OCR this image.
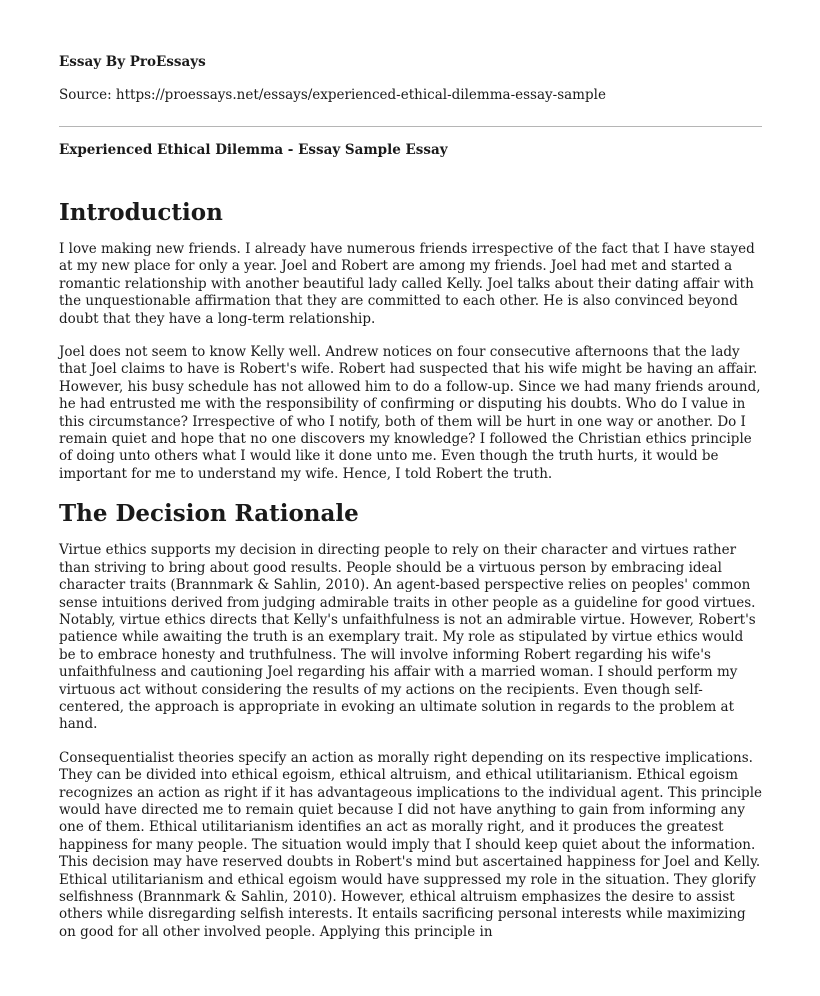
Essay By ProEssays

Source: https://proessays.net/essays/experienced-ethical-dilemma-essay-sample

Experienced Ethical Dilemma - Essay Sample Essay

Introduction

I love making new friends. I already have numerous friends irrespective of the fact that I have stayed at my new place for only a year. Joel and Robert are among my friends. Joel had met and started a romantic relationship with another beautiful lady called Kelly. Joel talks about their dating affair with the unquestionable affirmation that they are committed to each other. He is also convinced beyond doubt that they have a long-term relationship.

Joel does not seem to know Kelly well. Andrew notices on four consecutive afternoons that the lady that Joel claims to have is Robert's wife. Robert had suspected that his wife might be having an affair. However, his busy schedule has not allowed him to do a follow-up. Since we had many friends around, he had entrusted me with the responsibility of confirming or disputing his doubts. Who do I value in this circumstance? Irrespective of who I notify, both of them will be hurt in one way or another. Do I remain quiet and hope that no one discovers my knowledge? I followed the Christian ethics principle of doing unto others what I would like it done unto me. Even though the truth hurts, it would be important for me to understand my wife. Hence, I told Robert the truth.

The Decision Rationale

Virtue ethics supports my decision in directing people to rely on their character and virtues rather than striving to bring about good results. People should be a virtuous person by embracing ideal character traits (Brannmark & Sahlin, 2010). An agent-based perspective relies on peoples' common sense intuitions derived from judging admirable traits in other people as a guideline for good virtues. Notably, virtue ethics directs that Kelly's unfaithfulness is not an admirable virtue. However, Robert's patience while awaiting the truth is an exemplary trait. My role as stipulated by virtue ethics would be to embrace honesty and truthfulness. The will involve informing Robert regarding his wife's unfaithfulness and cautioning Joel regarding his affair with a married woman. I should perform my virtuous act without considering the results of my actions on the recipients. Even though self-centered, the approach is appropriate in evoking an ultimate solution in regards to the problem at hand.

Consequentialist theories specify an action as morally right depending on its respective implications. They can be divided into ethical egoism, ethical altruism, and ethical utilitarianism. Ethical egoism recognizes an action as right if it has advantageous implications to the individual agent. This principle would have directed me to remain quiet because I did not have anything to gain from informing any one of them. Ethical utilitarianism identifies an act as morally right, and it produces the greatest happiness for many people. The situation would imply that I should keep quiet about the information. This decision may have reserved doubts in Robert's mind but ascertained happiness for Joel and Kelly. Ethical utilitarianism and ethical egoism would have suppressed my role in the situation. They glorify selfishness (Brannmark & Sahlin, 2010). However, ethical altruism emphasizes the desire to assist others while disregarding selfish interests. It entails sacrificing personal interests while maximizing on good for all other involved people. Applying this principle in
